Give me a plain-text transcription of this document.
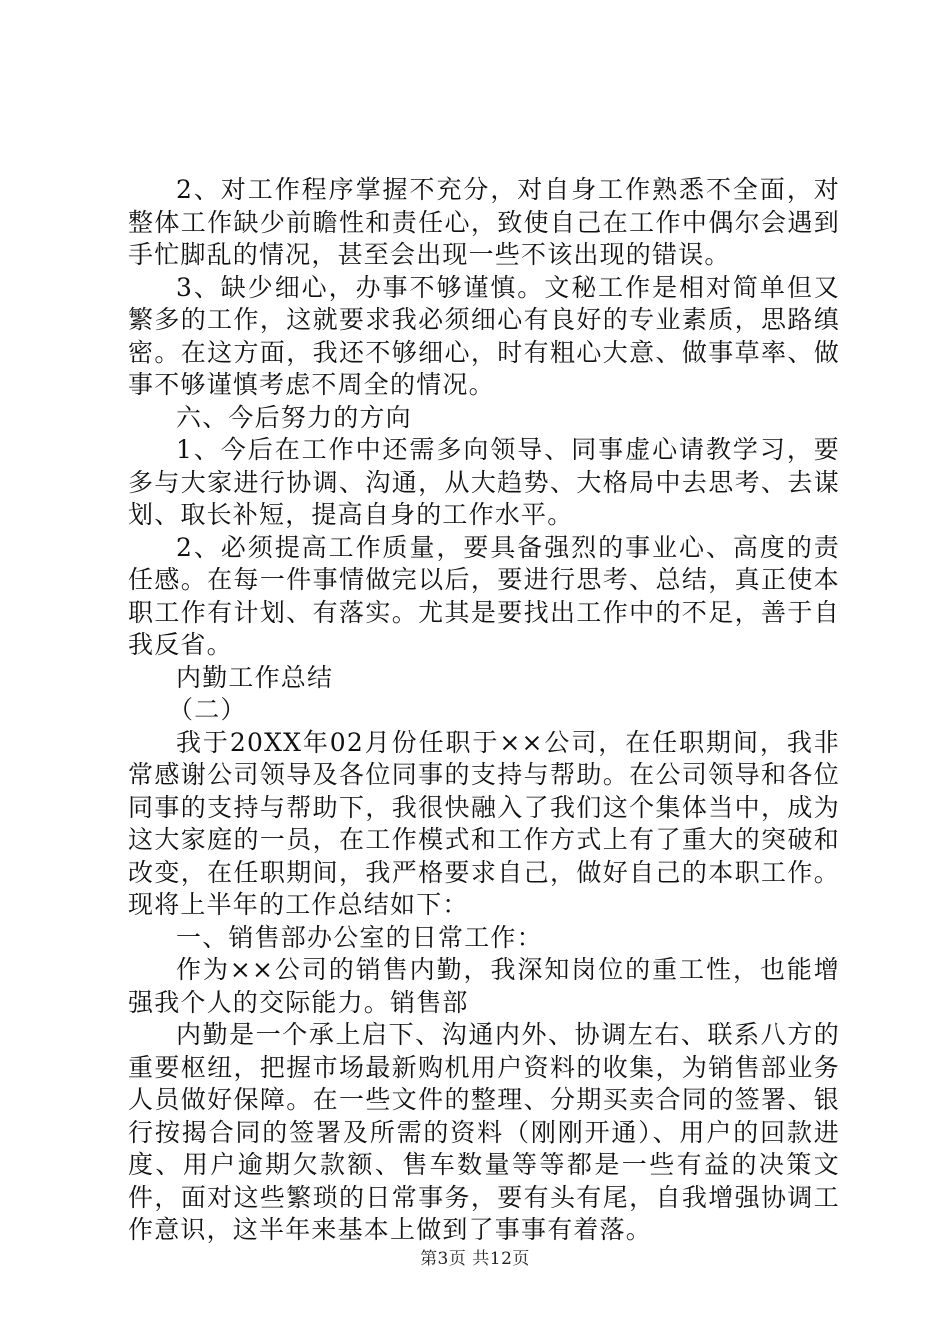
2、对工作程序掌握不充分，对自身工作熟悉不全面，对整体工作缺少前瞻性和责任心，致使自己在工作中偶尔会遇到手忙脚乱的情况，甚至会出现一些不该出现的错误。

3、缺少细心，办事不够谨慎。文秘工作是相对简单但又繁多的工作，这就要求我必须细心有良好的专业素质，思路缜密。在这方面，我还不够细心，时有粗心大意、做事草率、做事不够谨慎考虑不周全的情况。

六、今后努力的方向

1、今后在工作中还需多向领导、同事虚心请教学习，要多与大家进行协调、沟通，从大趋势、大格局中去思考、去谋划、取长补短，提高自身的工作水平。

2、必须提高工作质量，要具备强烈的事业心、高度的责任感。在每一件事情做完以后，要进行思考、总结，真正使本职工作有计划、有落实。尤其是要找出工作中的不足，善于自我反省。

内勤工作总结

（二）

我于20XX年02月份任职于××公司，在任职期间，我非常感谢公司领导及各位同事的支持与帮助。在公司领导和各位同事的支持与帮助下，我很快融入了我们这个集体当中，成为这大家庭的一员，在工作模式和工作方式上有了重大的突破和改变，在任职期间，我严格要求自己，做好自己的本职工作。现将上半年的工作总结如下：

一、销售部办公室的日常工作：

作为××公司的销售内勤，我深知岗位的重工性，也能增强我个人的交际能力。销售部

内勤是一个承上启下、沟通内外、协调左右、联系八方的重要枢纽，把握市场最新购机用户资料的收集，为销售部业务人员做好保障。在一些文件的整理、分期买卖合同的签署、银行按揭合同的签署及所需的资料（刚刚开通）、用户的回款进度、用户逾期欠款额、售车数量等等都是一些有益的决策文件，面对这些繁琐的日常事务，要有头有尾，自我增强协调工作意识，这半年来基本上做到了事事有着落。

第3页 共12页
